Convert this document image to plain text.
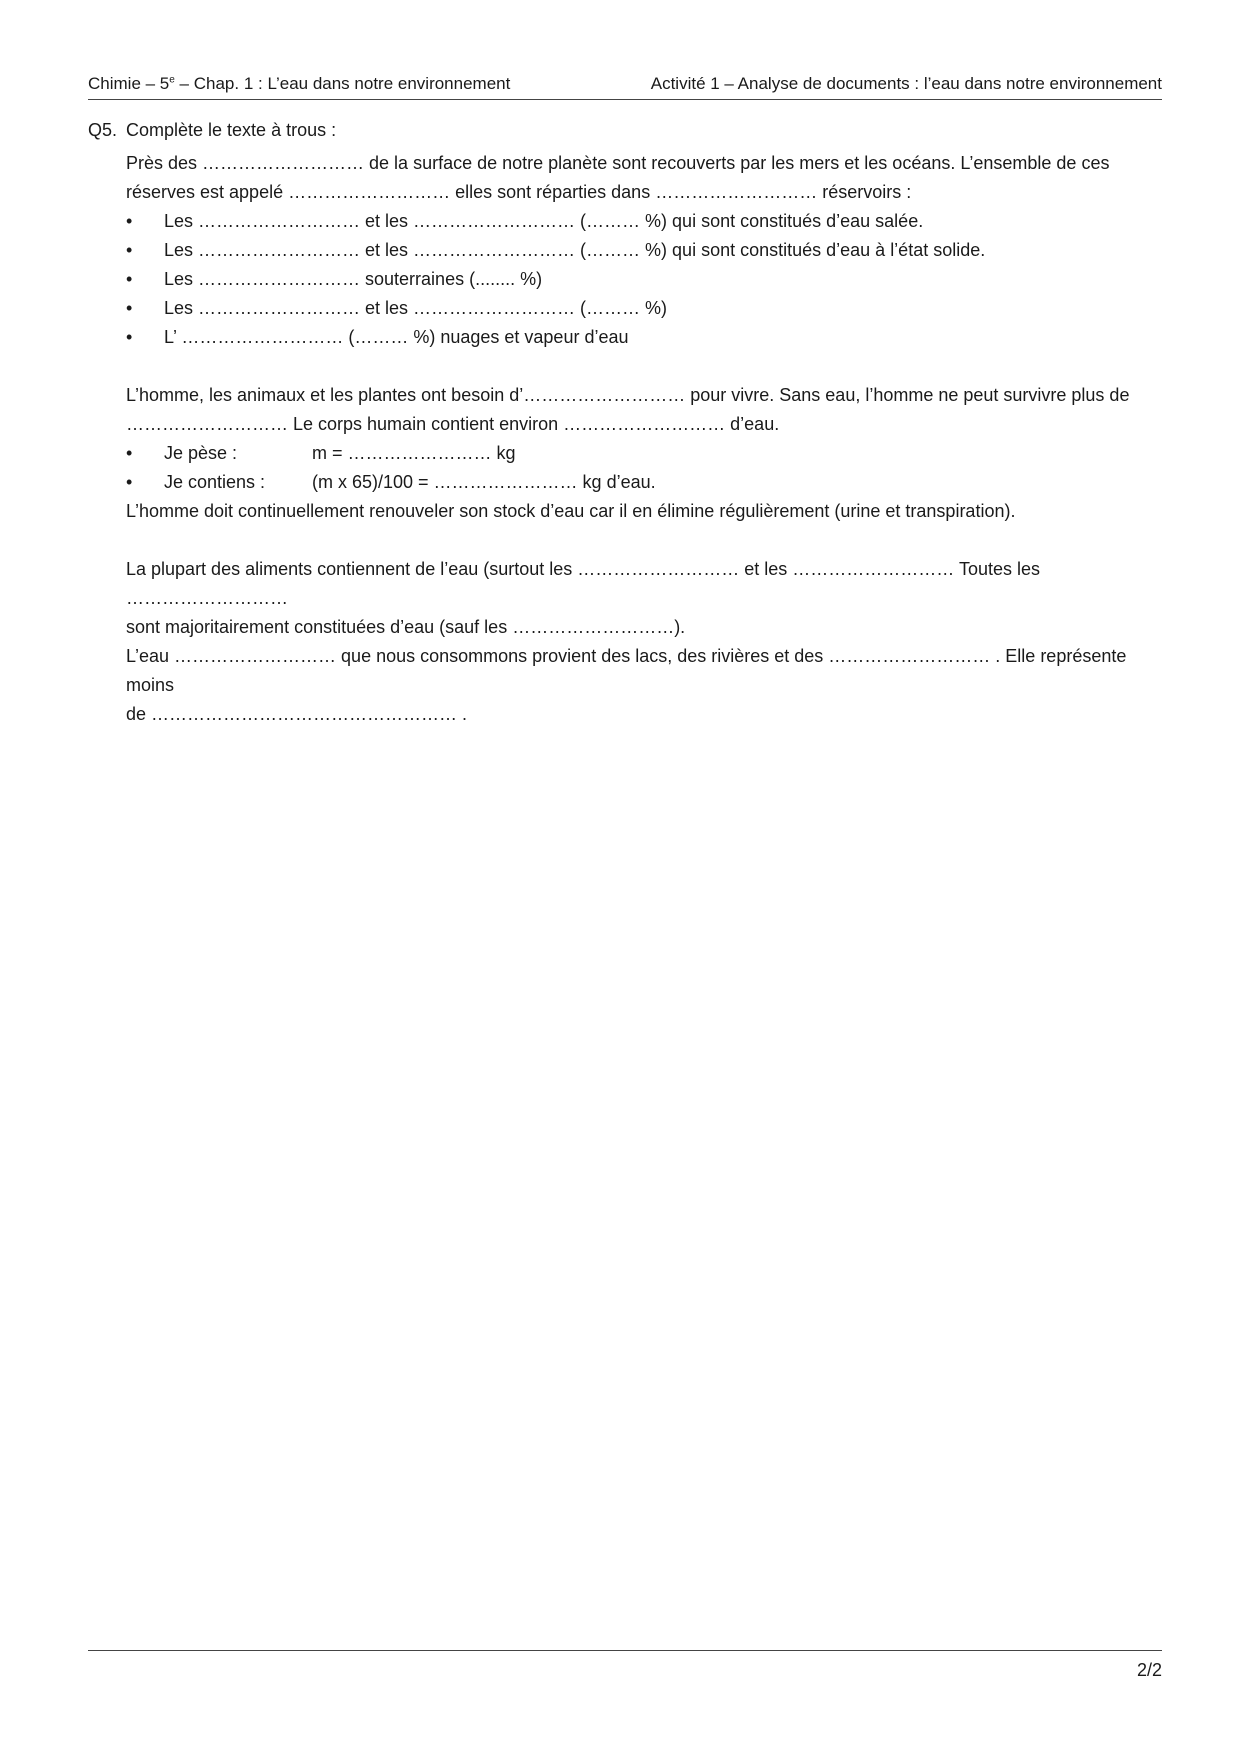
Chimie – 5e – Chap. 1 : L’eau dans notre environnement	Activité 1 – Analyse de documents : l’eau dans notre environnement
Q5. Complète le texte à trous :

Près des ……………………… de la surface de notre planète sont recouverts par les mers et les océans. L’ensemble de ces

réserves est appelé ……………………… elles sont réparties dans ……………………… réservoirs :

• Les ……………………… et les ……………………… (……… %) qui sont constitués d’eau salée.
• Les ……………………… et les ……………………… (……… %) qui sont constitués d’eau à l’état solide.
• Les ……………………… souterraines (........ %)
• Les ……………………… et les ……………………… (……… %)
• L’ ……………………… (……… %) nuages et vapeur d’eau

L’homme, les animaux et les plantes ont besoin d’……………………… pour vivre. Sans eau, l’homme ne peut survivre plus de

……………………… Le corps humain contient environ ……………………… d’eau.

• Je pèse :	m = …………………… kg
• Je contiens :	(m x 65)/100 = …………………… kg d’eau.

L’homme doit continuellement renouveler son stock d’eau car il en élimine régulièrement (urine et transpiration).

La plupart des aliments contiennent de l’eau (surtout les ……………………… et les ……………………… Toutes les ………………………

sont majoritairement constituées d’eau (sauf les ………………………).

L’eau ……………………… que nous consommons provient des lacs, des rivières et des ……………………… . Elle représente moins

de …………………………………………… .

2/2
